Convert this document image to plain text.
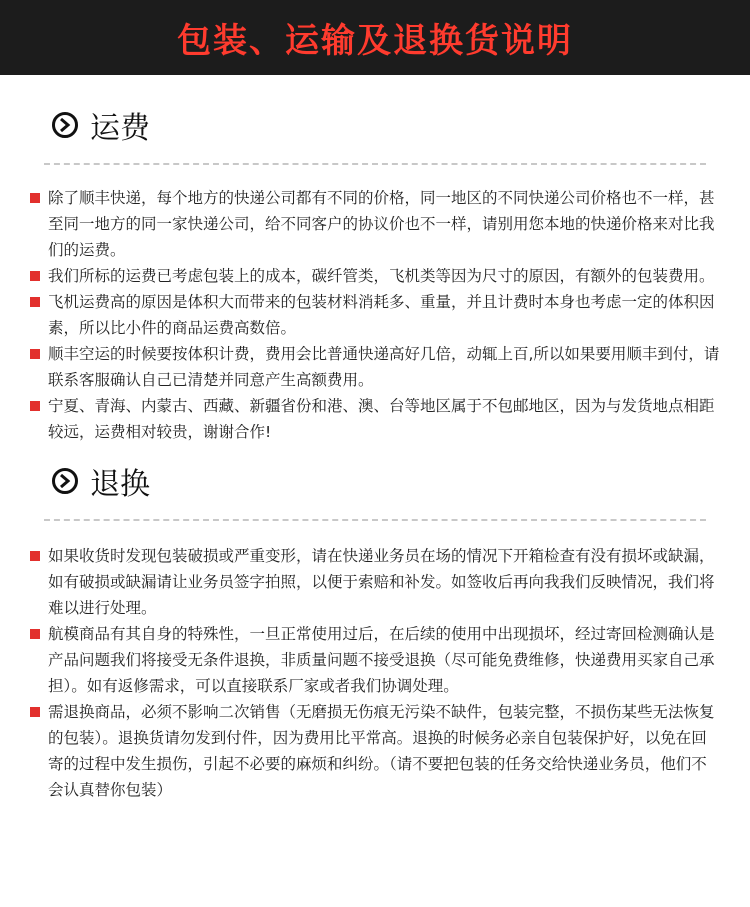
包装、运输及退换货说明
运费
除了顺丰快递，每个地方的快递公司都有不同的价格，同一地区的不同快递公司价格也不一样，甚至同一地方的同一家快递公司，给不同客户的协议价也不一样，请别用您本地的快递价格来对比我们的运费。
我们所标的运费已考虑包装上的成本，碳纤管类，飞机类等因为尺寸的原因，有额外的包装费用。
飞机运费高的原因是体积大而带来的包装材料消耗多、重量，并且计费时本身也考虑一定的体积因素，所以比小件的商品运费高数倍。
顺丰空运的时候要按体积计费，费用会比普通快递高好几倍，动辄上百,所以如果要用顺丰到付，请联系客服确认自己已清楚并同意产生高额费用。
宁夏、青海、内蒙古、西藏、新疆省份和港、澳、台等地区属于不包邮地区，因为与发货地点相距较远，运费相对较贵，谢谢合作!
退换
如果收货时发现包装破损或严重变形，请在快递业务员在场的情况下开箱检查有没有损坏或缺漏，如有破损或缺漏请让业务员签字拍照，以便于索赔和补发。如签收后再向我我们反映情况，我们将难以进行处理。
航模商品有其自身的特殊性，一旦正常使用过后，在后续的使用中出现损坏，经过寄回检测确认是产品问题我们将接受无条件退换，非质量问题不接受退换（尽可能免费维修，快递费用买家自己承担）。如有返修需求，可以直接联系厂家或者我们协调处理。
需退换商品，必须不影响二次销售（无磨损无伤痕无污染不缺件，包装完整，不损伤某些无法恢复的包装）。退换货请勿发到付件，因为费用比平常高。退换的时候务必亲自包装保护好，以免在回寄的过程中发生损伤，引起不必要的麻烦和纠纷。（请不要把包装的任务交给快递业务员，他们不会认真替你包装）
